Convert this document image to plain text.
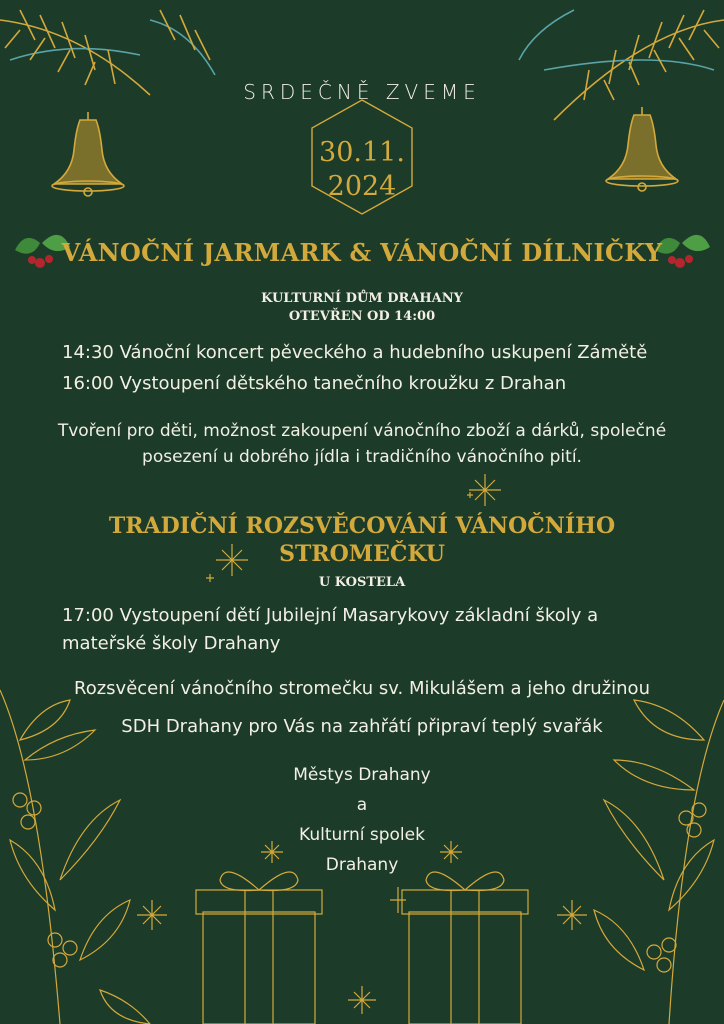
SRDEČNĚ ZVEME
30.11.
2024
VÁNOČNÍ JARMARK & VÁNOČNÍ DÍLNIČKY
KULTURNÍ DŮM DRAHANY
OTEVŘEN OD 14:00
14:30 Vánoční koncert pěveckého a hudebního uskupení Zámětě
16:00 Vystoupení dětského tanečního kroužku z Drahan
Tvoření pro děti, možnost zakoupení vánočního zboží a dárků, společné
posezení u dobrého jídla i tradičního vánočního pití.
TRADIČNÍ ROZSVĚCOVÁNÍ VÁNOČNÍHO
STROMEČKU
U KOSTELA
17:00 Vystoupení dětí Jubilejní Masarykovy základní školy a
mateřské školy Drahany
Rozsvěcení vánočního stromečku sv. Mikulášem a jeho družinou
SDH Drahany pro Vás na zahřátí připraví teplý svařák
Městys Drahany
a
Kulturní spolek
Drahany
